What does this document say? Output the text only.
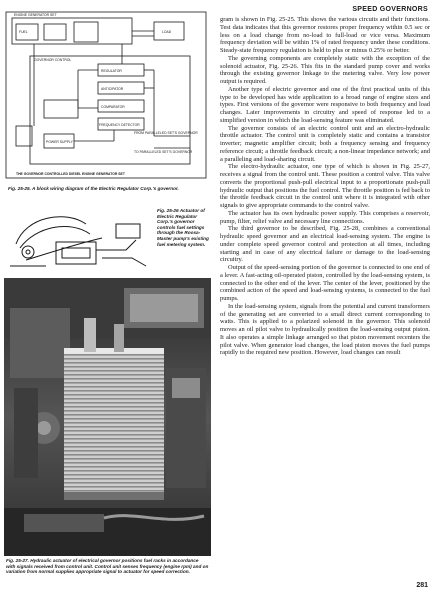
SPEED GOVERNORS
ENGINE GENERATOR SET
FUEL	LOAD
GOVERNOR CONTROL
REGULATOR
ANTICIPATOR
COMPARATOR
FREQUENCY DETECTOR
POWER SUPPLY
FROM PARALLELED SET'S GOVERNOR
TO PARALLELED SET'S GOVERNOR
THE GOVERNOR CONTROLLED DIESEL ENGINE GENERATOR SET
Fig. 25-25. A block wiring diagram of the Electric Regulator Corp.'s governor.
Fig. 25-26 Actuator of Electric Regulator Corp.'s governor controls fuel settings through the Roosa-Master pump's existing fuel metering system.
Fig. 25-27. Hydraulic actuator of electrical governor positions fuel racks in accordance with signals received from control unit. Control unit senses frequency (engine rpm) and on variation from normal supplies appropriate signal to actuator for speed correction.

gram is shown in Fig. 25-25. This shows the various circuits and their functions. Test data indicates that this governor restores proper frequency within 0.5 sec or less on a load change from no-load to full-load or vice versa. Maximum frequency deviation will be within 1% of rated frequency under these conditions. Steady-state frequency regulation is held to plus or minus 0.25% or better.

The governing components are completely static with the exception of the solenoid actuator, Fig. 25-26. This fits in the standard pump cover and works through the existing governor linkage to the metering valve. Very low power output is required.

Another type of electric governor and one of the first practical units of this type to be developed has wide application to a broad range of engine sizes and types. First versions of the governor were responsive to both frequency and load changes. Later improvements in circuitry and speed of response led to a simplified version in which the load-sensing feature was eliminated.

The governor consists of an electric control unit and an electro-hydraulic throttle actuator. The control unit is completely static and contains a transistor inverter; magnetic amplifier circuit; both a frequency sensing and frequency reference circuit; a throttle feedback circuit; a non-linear impedance network; and a paralleling and load-sharing circuit.

The electro-hydraulic actuator, one type of which is shown in Fig. 25-27, receives a signal from the control unit. These position a control valve. This valve converts the proportional push-pull electrical input to a proportionate push-pull hydraulic output that positions the fuel control. The throttle position is fed back to the throttle feedback circuit in the control unit where it is integrated with other signals to give appropriate commands to the control valve.

The actuator has its own hydraulic power supply. This comprises a reservoir, pump, filter, relief valve and necessary line connections.

The third governor to be described, Fig. 25-28, combines a conventional hydraulic speed governor and an electrical load-sensing system. The engine is under complete speed governor control and protection at all times, including starting and in case of any electrical failure or damage to the load-sensing circuitry.

Output of the speed-sensing portion of the governor is connected to one end of a lever. A fast-acting oil-operated piston, controlled by the load-sensing system, is connected to the other end of the lever. The center of the lever, positioned by the combined action of the speed and load-sensing systems, is connected to the fuel pumps.

In the load-sensing system, signals from the potential and current transformers of the generating set are converted to a small direct current corresponding to watts. This is applied to a polarized solenoid in the governor. This solenoid moves an oil pilot valve to hydraulically position the load-sensing output piston. It also operates a simple linkage arranged so that piston movement recenters the pilot valve. When generator load changes, the load piston moves the fuel pumps rapidly to the required new position. However, load changes can result

281
